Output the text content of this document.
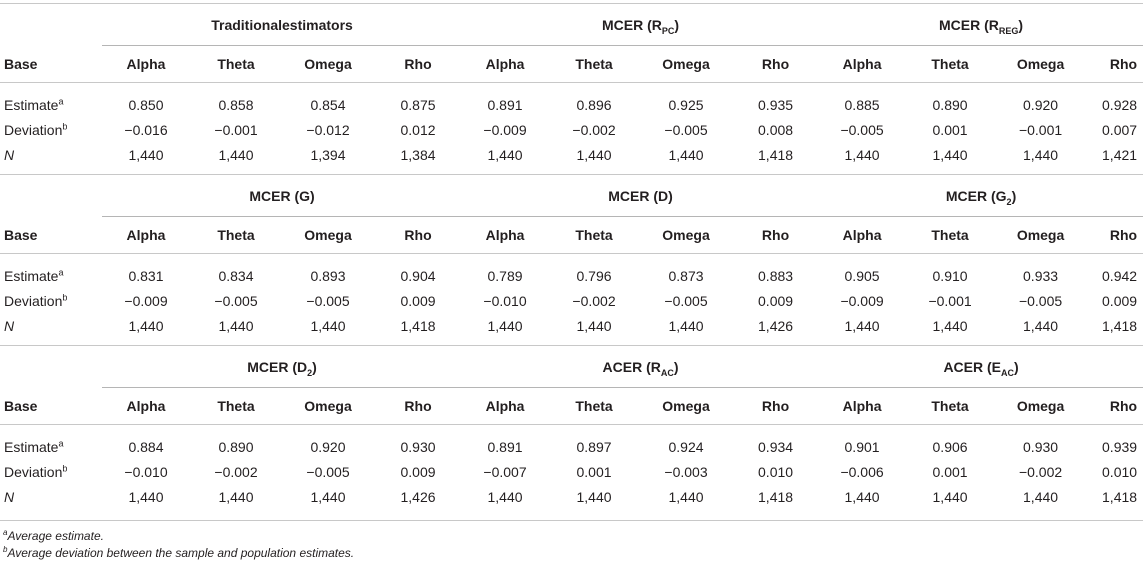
	Traditionalestimators				MCER $(R_{PC})$				MCER $(R_{REG})$			
Base	Alpha	Theta	Omega	Rho	Alpha	Theta	Omega	Rho	Alpha	Theta	Omega	Rho
Estimate$^a$	0.850	0.858	0.854	0.875	0.891	0.896	0.925	0.935	0.885	0.890	0.920	0.928
Deviation$^b$	−0.016	−0.001	−0.012	0.012	−0.009	−0.002	−0.005	0.008	−0.005	0.001	−0.001	0.007
N	1,440	1,440	1,394	1,384	1,440	1,440	1,440	1,418	1,440	1,440	1,440	1,421
	MCER (G)				MCER (D)				MCER $(G_2)$			
Base	Alpha	Theta	Omega	Rho	Alpha	Theta	Omega	Rho	Alpha	Theta	Omega	Rho
Estimate$^a$	0.831	0.834	0.893	0.904	0.789	0.796	0.873	0.883	0.905	0.910	0.933	0.942
Deviation$^b$	−0.009	−0.005	−0.005	0.009	−0.010	−0.002	−0.005	0.009	−0.009	−0.001	−0.005	0.009
N	1,440	1,440	1,440	1,418	1,440	1,440	1,440	1,426	1,440	1,440	1,440	1,418
	MCER $(D_2)$				ACER $(R_{AC})$				ACER $(E_{AC})$			
Base	Alpha	Theta	Omega	Rho	Alpha	Theta	Omega	Rho	Alpha	Theta	Omega	Rho
Estimate$^a$	0.884	0.890	0.920	0.930	0.891	0.897	0.924	0.934	0.901	0.906	0.930	0.939
Deviation$^b$	−0.010	−0.002	−0.005	0.009	−0.007	0.001	−0.003	0.010	−0.006	0.001	−0.002	0.010
N	1,440	1,440	1,440	1,426	1,440	1,440	1,440	1,418	1,440	1,440	1,440	1,418
$^a$Average estimate.
$^b$Average deviation between the sample and population estimates.
